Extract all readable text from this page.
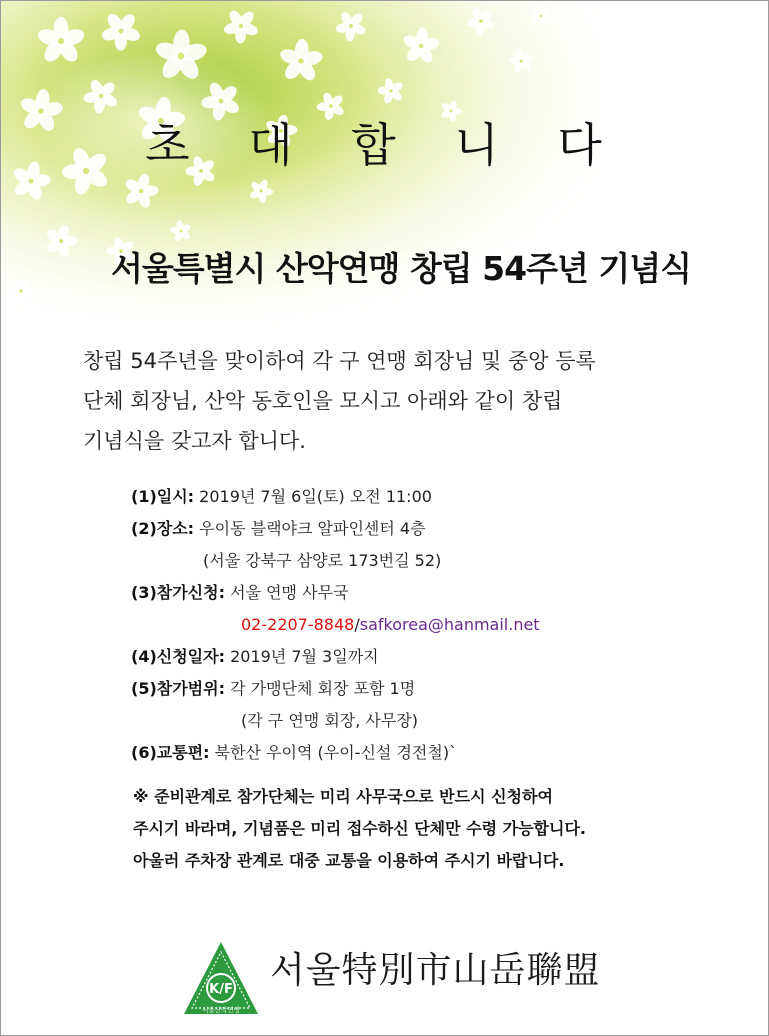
초 대 합 니 다
서울특별시 산악연맹 창립 54주년 기념식
창립 54주년을 맞이하여 각 구 연맹 회장님 및 중앙 등록
단체 회장님, 산악 동호인을 모시고 아래와 같이 창립
기념식을 갖고자 합니다.
(1)일시: 2019년 7월 6일(토) 오전 11:00
(2)장소: 우이동 블랙야크 알파인센터 4층
(서울 강북구 삼양로 173번길 52)
(3)참가신청: 서울 연맹 사무국
02-2207-8848/safkorea@hanmail.net
(4)신청일자: 2019년 7월 3일까지
(5)참가범위: 각 가맹단체 회장 포함 1명
(각 구 연맹 회장, 사무장)
(6)교통편: 북한산 우이역 (우이-신설 경전철)`
※ 준비관계로 참가단체는 미리 사무국으로 반드시 신청하여
주시기 바라며, 기념품은 미리 접수하신 단체만 수령 가능합니다.
아울러 주차장 관계로 대중 교통을 이용하여 주시기 바랍니다.
K/F
서울산악연맹
서울特別市山岳聯盟
